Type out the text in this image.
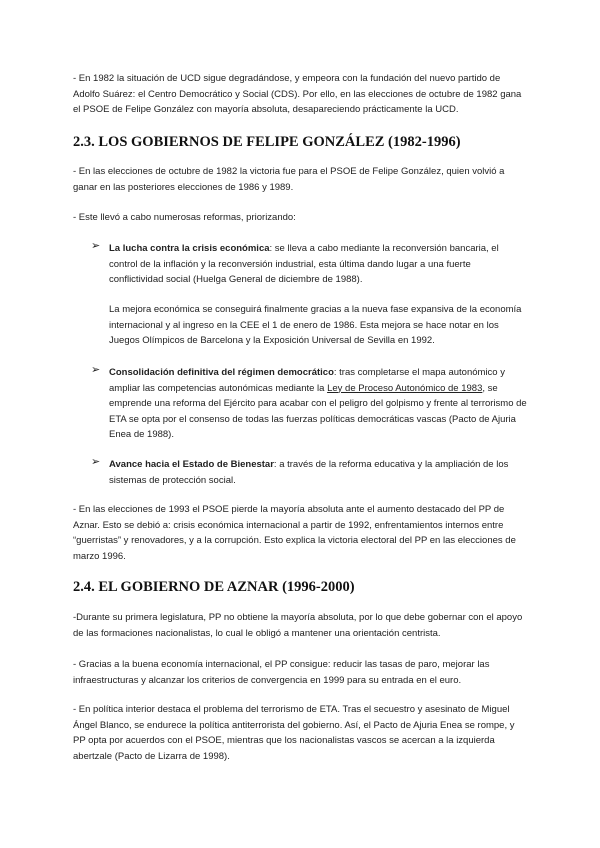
- En 1982 la situación de UCD sigue degradándose, y empeora con la fundación del nuevo partido de Adolfo Suárez: el Centro Democrático y Social (CDS). Por ello, en las elecciones de octubre de 1982 gana el PSOE de Felipe González con mayoría absoluta, desapareciendo prácticamente la UCD.

2.3. LOS GOBIERNOS DE FELIPE GONZÁLEZ (1982-1996)

- En las elecciones de octubre de 1982 la victoria fue para el PSOE de Felipe González, quien volvió a ganar en las posteriores elecciones de 1986 y 1989.

- Este llevó a cabo numerosas reformas, priorizando:

➢ La lucha contra la crisis económica: se lleva a cabo mediante la reconversión bancaria, el control de la inflación y la reconversión industrial, esta última dando lugar a una fuerte conflictividad social (Huelga General de diciembre de 1988).

La mejora económica se conseguirá finalmente gracias a la nueva fase expansiva de la economía internacional y al ingreso en la CEE el 1 de enero de 1986. Esta mejora se hace notar en los Juegos Olímpicos de Barcelona y la Exposición Universal de Sevilla en 1992.

➢ Consolidación definitiva del régimen democrático: tras completarse el mapa autonómico y ampliar las competencias autonómicas mediante la Ley de Proceso Autonómico de 1983, se emprende una reforma del Ejército para acabar con el peligro del golpismo y frente al terrorismo de ETA se opta por el consenso de todas las fuerzas políticas democráticas vascas (Pacto de Ajuria Enea de 1988).

➢ Avance hacia el Estado de Bienestar: a través de la reforma educativa y la ampliación de los sistemas de protección social.

- En las elecciones de 1993 el PSOE pierde la mayoría absoluta ante el aumento destacado del PP de Aznar. Esto se debió a: crisis económica internacional a partir de 1992, enfrentamientos internos entre “guerristas” y renovadores, y a la corrupción. Esto explica la victoria electoral del PP en las elecciones de marzo 1996.

2.4. EL GOBIERNO DE AZNAR (1996-2000)

-Durante su primera legislatura, PP no obtiene la mayoría absoluta, por lo que debe gobernar con el apoyo de las formaciones nacionalistas, lo cual le obligó a mantener una orientación centrista.

- Gracias a la buena economía internacional, el PP consigue: reducir las tasas de paro, mejorar las infraestructuras y alcanzar los criterios de convergencia en 1999 para su entrada en el euro.

- En política interior destaca el problema del terrorismo de ETA. Tras el secuestro y asesinato de Miguel Ángel Blanco, se endurece la política antiterrorista del gobierno. Así, el Pacto de Ajuria Enea se rompe, y PP opta por acuerdos con el PSOE, mientras que los nacionalistas vascos se acercan a la izquierda abertzale (Pacto de Lizarra de 1998).
